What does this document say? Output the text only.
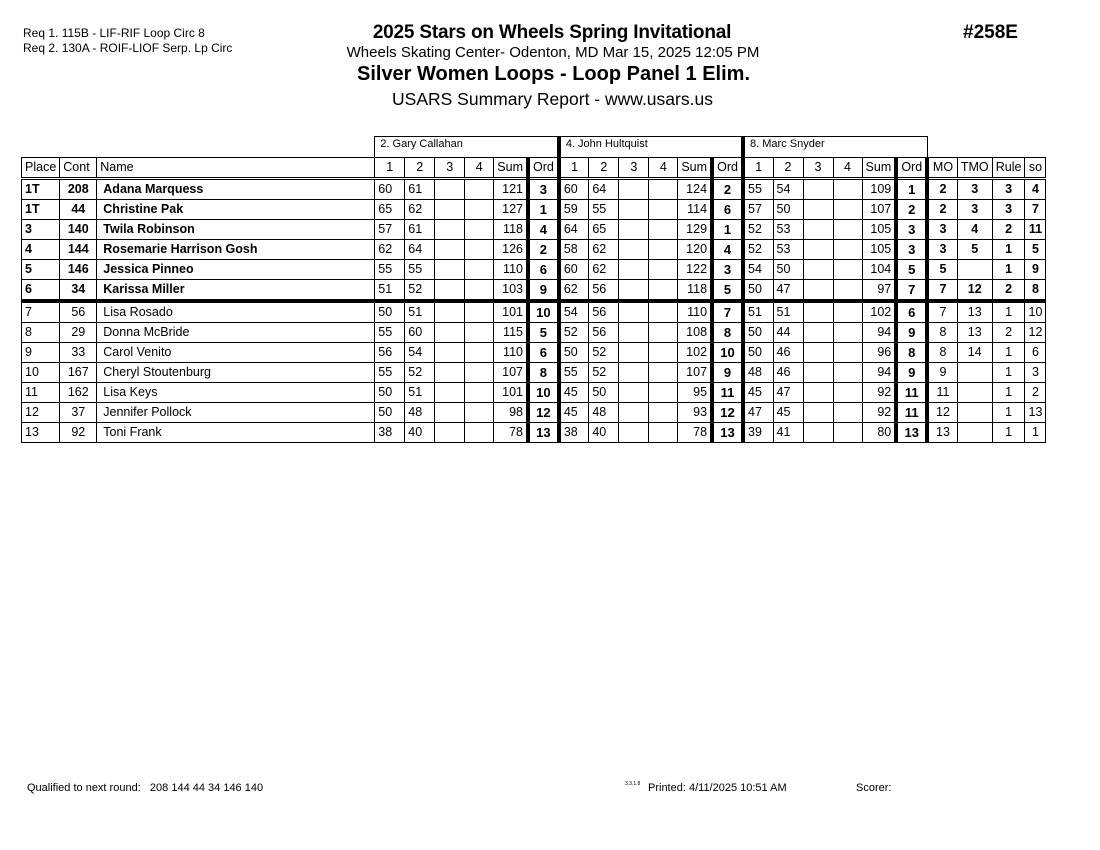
Req 1. 115B - LIF-RIF Loop Circ 8
Req 2. 130A - ROIF-LIOF Serp. Lp Circ
2025 Stars on Wheels Spring Invitational
Wheels Skating Center- Odenton, MD Mar 15, 2025 12:05 PM
Silver Women Loops - Loop Panel 1 Elim.
USARS Summary Report - www.usars.us
#258E
			2. Gary Callahan						4. John Hultquist						8. Marc Snyder									
Place	Cont	Name	1	2	3	4	Sum	Ord	1	2	3	4	Sum	Ord	1	2	3	4	Sum	Ord	MO	TMO	Rule	so
1T	208	Adana Marquess	60	61			121	3	60	64			124	2	55	54			109	1	2	3	3	4
1T	44	Christine Pak	65	62			127	1	59	55			114	6	57	50			107	2	2	3	3	7
3	140	Twila Robinson	57	61			118	4	64	65			129	1	52	53			105	3	3	4	2	11
4	144	Rosemarie Harrison Gosh	62	64			126	2	58	62			120	4	52	53			105	3	3	5	1	5
5	146	Jessica Pinneo	55	55			110	6	60	62			122	3	54	50			104	5	5		1	9
6	34	Karissa Miller	51	52			103	9	62	56			118	5	50	47			97	7	7	12	2	8
7	56	Lisa Rosado	50	51			101	10	54	56			110	7	51	51			102	6	7	13	1	10
8	29	Donna McBride	55	60			115	5	52	56			108	8	50	44			94	9	8	13	2	12
9	33	Carol Venito	56	54			110	6	50	52			102	10	50	46			96	8	8	14	1	6
10	167	Cheryl Stoutenburg	55	52			107	8	55	52			107	9	48	46			94	9	9		1	3
11	162	Lisa Keys	50	51			101	10	45	50			95	11	45	47			92	11	11		1	2
12	37	Jennifer Pollock	50	48			98	12	45	48			93	12	47	45			92	11	12		1	13
13	92	Toni Frank	38	40			78	13	38	40			78	13	39	41			80	13	13		1	1
Qualified to next round: 208 144 44 34 146 140	3.3.1.8 Printed: 4/11/2025 10:51 AM	Scorer:
